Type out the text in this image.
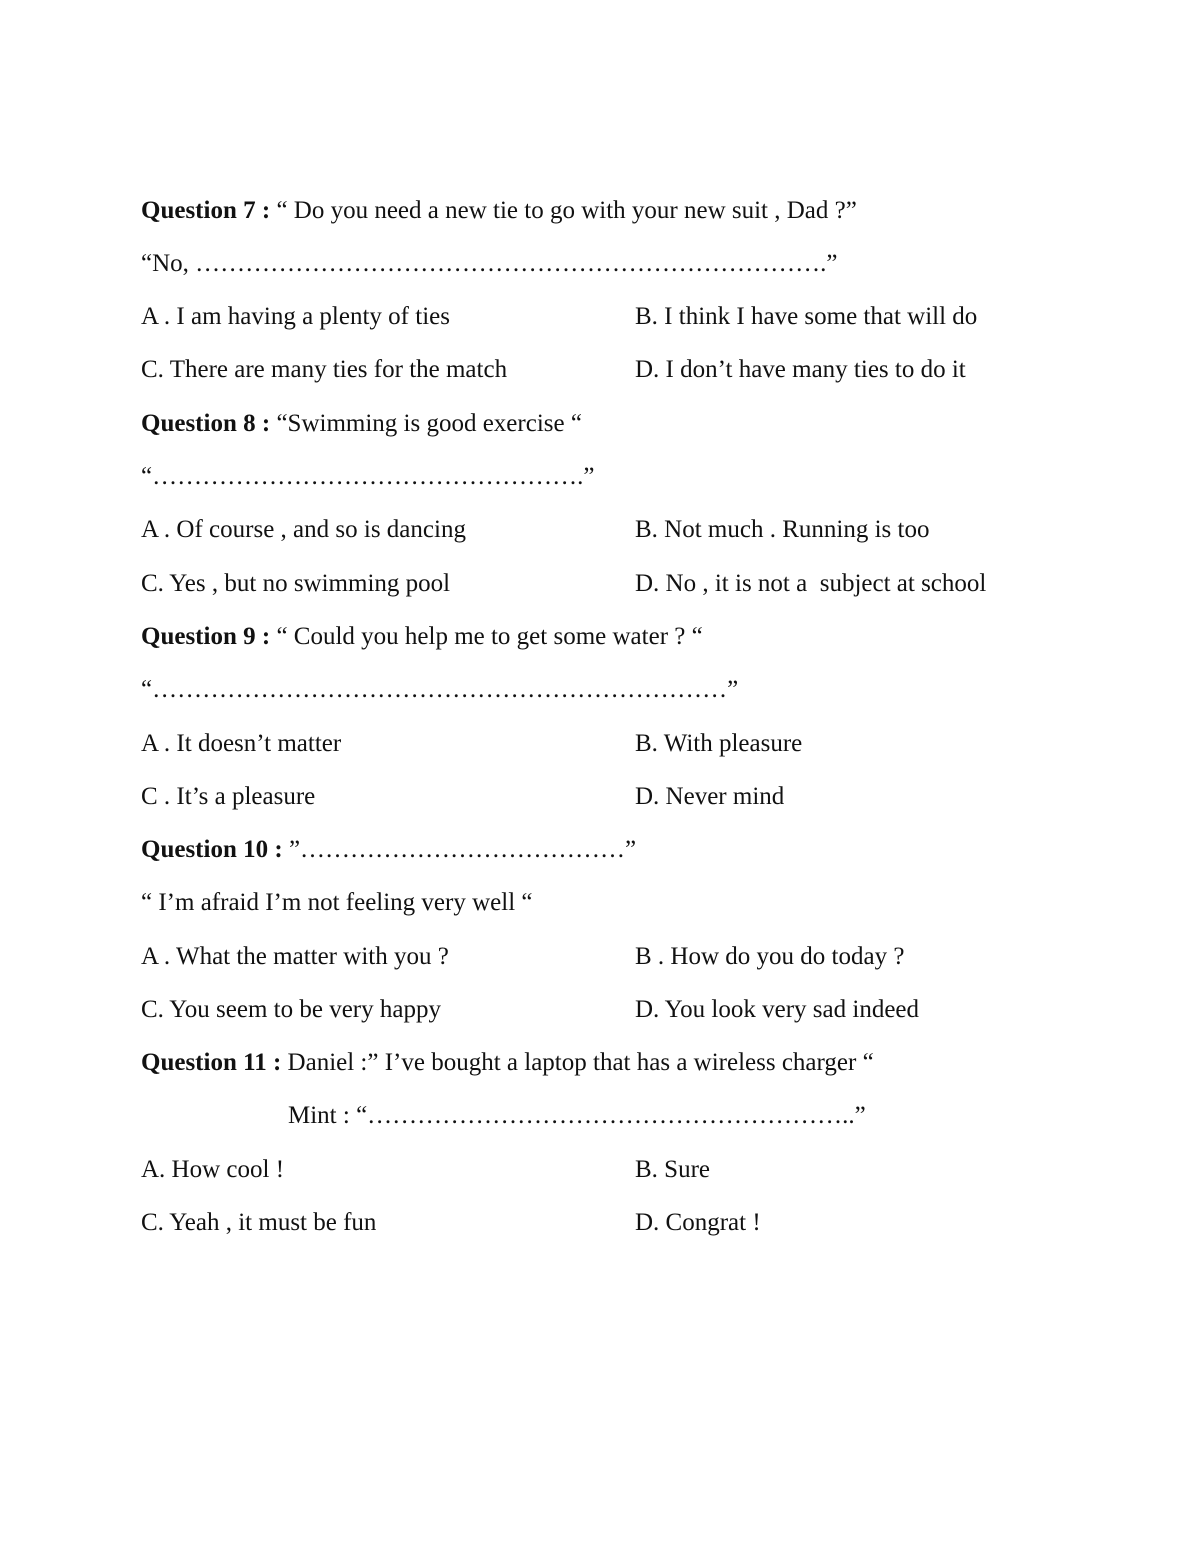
Question 7 : “ Do you need a new tie to go with your new suit , Dad ?”
“No, ………………………………………………………………….”
A . I am having a plenty of ties	B. I think I have some that will do
C. There are many ties for the match	D. I don’t have many ties to do it
Question 8 : “Swimming is good exercise “
“…………………………………………….”
A . Of course , and so is dancing	B. Not much . Running is too
C. Yes , but no swimming pool	D. No , it is not a  subject at school
Question 9 : “ Could you help me to get some water ? “
“……………………………………………………………”
A . It doesn’t matter	B. With pleasure
C . It’s a pleasure	D. Never mind
Question 10 : ”…………………………………”
“ I’m afraid I’m not feeling very well “
A . What the matter with you ?	B . How do you do today ?
C. You seem to be very happy	D. You look very sad indeed
Question 11 : Daniel :” I’ve bought a laptop that has a wireless charger “
Mint : “…………………………………………………..”
A. How cool !	B. Sure
C. Yeah , it must be fun	D. Congrat !
